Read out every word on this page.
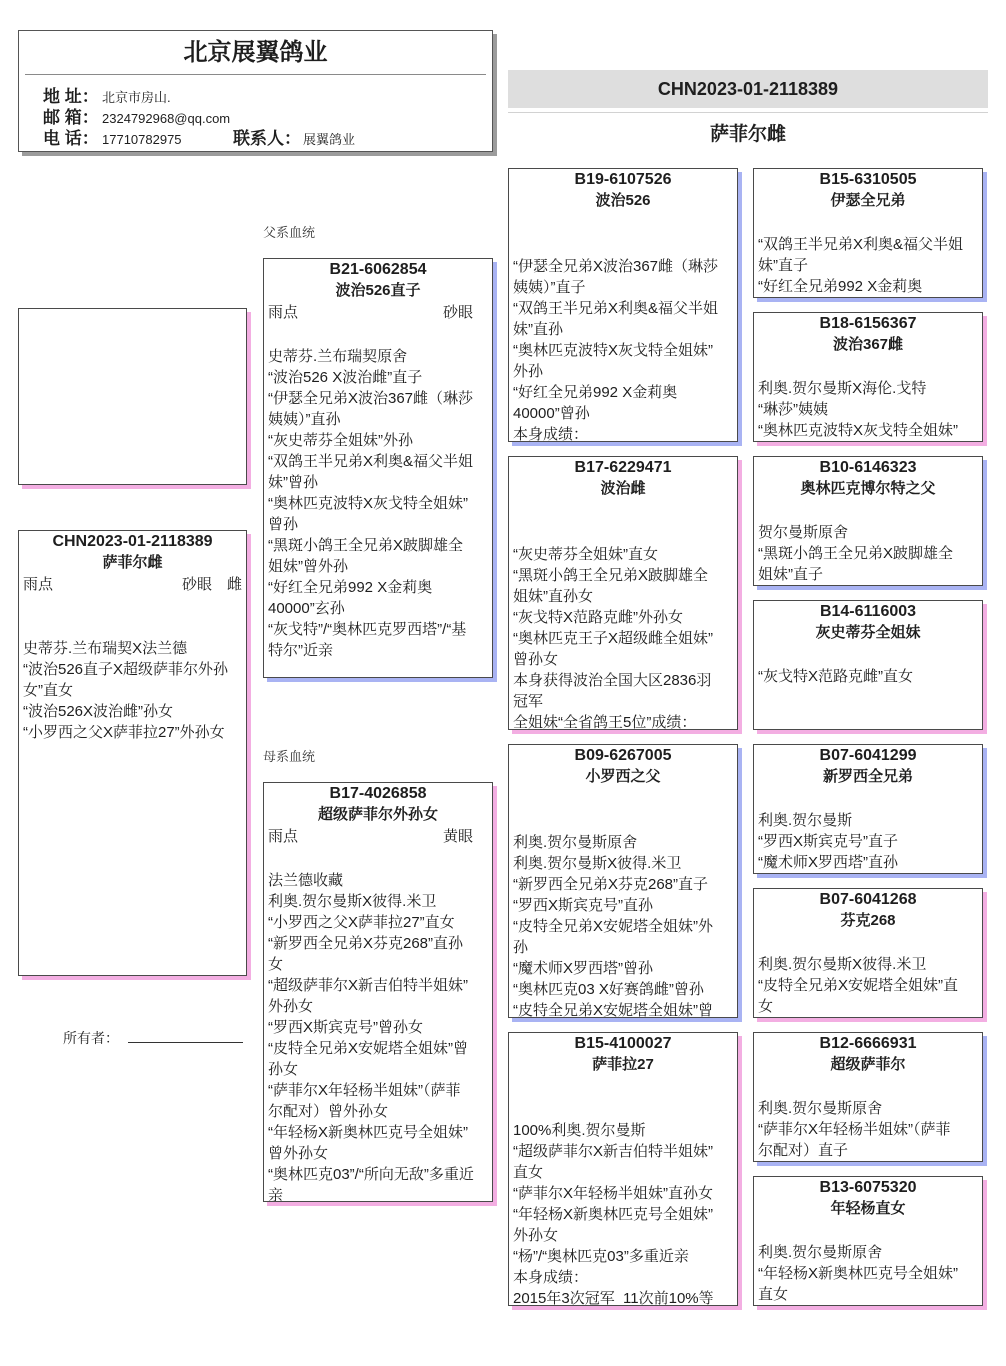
北京展翼鸽业
地 址： 北京市房山.
邮 箱： 2324792968@qq.com
电 话： 17710782975	联系人： 展翼鸽业
CHN2023-01-2118389
萨菲尔雌
CHN2023-01-2118389
萨菲尔雌
雨点	砂眼 雌
史蒂芬.兰布瑞契X法兰德
“波治526直子X超级萨菲尔外孙
女”直女
“波治526X波治雌”孙女
“小罗西之父X萨菲拉27”外孙女
所有者：
父系血统
母系血统
B21-6062854
波治526直子
雨点	砂眼
史蒂芬.兰布瑞契原舍
“波治526 X波治雌”直子
“伊瑟全兄弟X波治367雌（琳莎
姨姨）”直孙
“灰史蒂芬全姐妹”外孙
“双鸽王半兄弟X利奥&福父半姐
妹”曾孙
“奥林匹克波特X灰戈特全姐妹”
曾孙
“黑斑小鸽王全兄弟X跛脚雄全
姐妹”曾外孙
“好红全兄弟992 X金莉奥
40000”玄孙
“灰戈特”/“奥林匹克罗西塔”/“基
特尔”近亲
B17-4026858
超级萨菲尔外孙女
雨点	黄眼
法兰德收藏
利奥.贺尔曼斯X彼得.米卫
“小罗西之父X萨菲拉27”直女
“新罗西全兄弟X芬克268”直孙
女
“超级萨菲尔X新吉伯特半姐妹”
外孙女
“罗西X斯宾克号”曾孙女
“皮特全兄弟X安妮塔全姐妹”曾
孙女
“萨菲尔X年轻杨半姐妹”（萨菲
尔配对）曾外孙女
“年轻杨X新奥林匹克号全姐妹”
曾外孙女
“奥林匹克03”/“所向无敌”多重近
亲
B19-6107526
波治526
“伊瑟全兄弟X波治367雌（琳莎
姨姨）”直子
“双鸽王半兄弟X利奥&福父半姐
妹”直孙
“奥林匹克波特X灰戈特全姐妹”
外孙
“好红全兄弟992 X金莉奥
40000”曾孙
本身成绩：
B17-6229471
波治雌
“灰史蒂芬全姐妹”直女
“黑斑小鸽王全兄弟X跛脚雄全
姐妹”直孙女
“灰戈特X范路克雌”外孙女
“奥林匹克王子X超级雌全姐妹”
曾孙女
本身获得波治全国大区2836羽
冠军
全姐妹“全省鸽王5位”成绩：
B09-6267005
小罗西之父
利奥.贺尔曼斯原舍
利奥.贺尔曼斯X彼得.米卫
“新罗西全兄弟X芬克268”直子
“罗西X斯宾克号”直孙
“皮特全兄弟X安妮塔全姐妹”外
孙
“魔术师X罗西塔”曾孙
“奥林匹克03 X好赛鸽雌”曾孙
“皮特全兄弟X安妮塔全姐妹”曾
B15-4100027
萨菲拉27
100%利奥.贺尔曼斯
“超级萨菲尔X新吉伯特半姐妹”
直女
“萨菲尔X年轻杨半姐妹”直孙女
“年轻杨X新奥林匹克号全姐妹”
外孙女
“杨”/“奥林匹克03”多重近亲
本身成绩：
2015年3次冠军  11次前10%等
B15-6310505
伊瑟全兄弟
“双鸽王半兄弟X利奥&福父半姐
妹”直子
“好红全兄弟992 X金莉奥
B18-6156367
波治367雌
利奥.贺尔曼斯X海伦.戈特
“琳莎”姨姨
“奥林匹克波特X灰戈特全姐妹”
B10-6146323
奥林匹克博尔特之父
贺尔曼斯原舍
“黑斑小鸽王全兄弟X跛脚雄全
姐妹”直子
B14-6116003
灰史蒂芬全姐妹
“灰戈特X范路克雌”直女
B07-6041299
新罗西全兄弟
利奥.贺尔曼斯
“罗西X斯宾克号”直子
“魔术师X罗西塔”直孙
B07-6041268
芬克268
利奥.贺尔曼斯X彼得.米卫
“皮特全兄弟X安妮塔全姐妹”直
女
B12-6666931
超级萨菲尔
利奥.贺尔曼斯原舍
“萨菲尔X年轻杨半姐妹”（萨菲
尔配对）直子
B13-6075320
年轻杨直女
利奥.贺尔曼斯原舍
“年轻杨X新奥林匹克号全姐妹”
直女
